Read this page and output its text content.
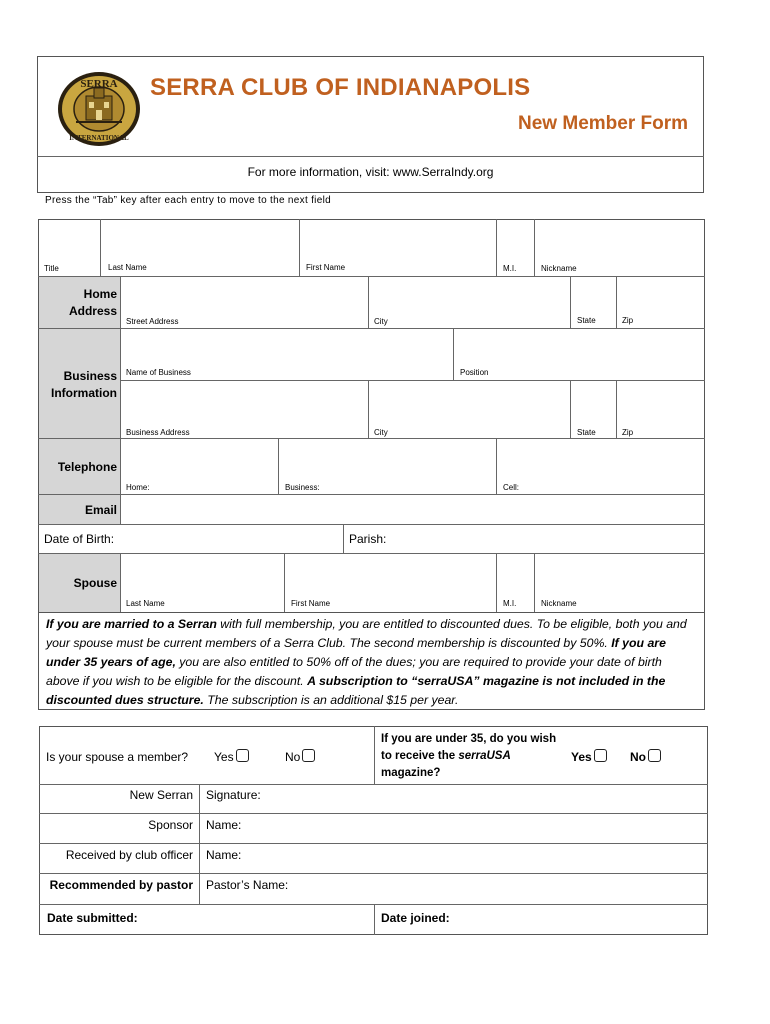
SERRA
INTERNATIONAL
SERRA CLUB OF INDIANAPOLIS
New Member Form
For more information, visit: www.SerraIndy.org
Press the “Tab” key after each entry to move to the next field
Title	Last Name	First Name	M.I.	Nickname
Home
Address
Street Address	City	State	Zip
Business
Information
Name of Business	Position
Business Address	City	State	Zip
Telephone
Home:	Business:	Cell:
Email
Date of Birth:	Parish:
Spouse
Last Name	First Name	M.I.	Nickname
If you are married to a Serran with full membership, you are entitled to discounted dues. To be eligible, both you and your spouse must be current members of a Serra Club. The second membership is discounted by 50%. If you are under 35 years of age, you are also entitled to 50% off of the dues; you are required to provide your date of birth above if you wish to be eligible for the discount. A subscription to “serraUSA” magazine is not included in the discounted dues structure. The subscription is an additional $15 per year.
Is your spouse a member? Yes	No
If you are under 35, do you wish
to receive the serraUSA
magazine?
Yes	No
New Serran Signature:
Sponsor Name:
Received by club officer Name:
Recommended by pastor Pastor’s Name:
Date submitted:	Date joined:
